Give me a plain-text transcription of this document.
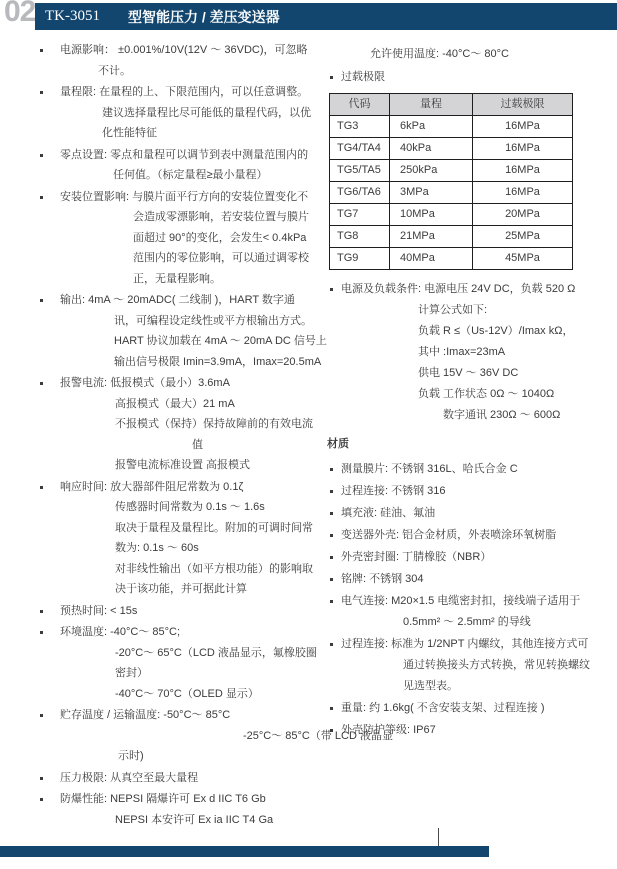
02 TK-3051 型智能压力 / 差压变送器
电源影响： ±0.001%/10V(12V ～ 36VDC)，可忽略
不计。
量程限: 在量程的上、下限范围内，可以任意调整。
建议选择量程比尽可能低的量程代码，以优
化性能特征
零点设置: 零点和量程可以调节到表中测量范围内的
任何值。（标定量程≥最小量程）
安装位置影响: 与膜片面平行方向的安装位置变化不
会造成零漂影响，若安装位置与膜片
面超过 90°的变化，会发生< 0.4kPa
范围内的零位影响，可以通过调零校
正，无量程影响。
输出: 4mA ～ 20mADC( 二线制 )，HART 数字通
讯，可编程设定线性或平方根输出方式。
HART 协议加载在 4mA ～ 20mA DC 信号上
输出信号极限 Imin=3.9mA，Imax=20.5mA
报警电流: 低报模式（最小）3.6mA
高报模式（最大）21 mA
不报模式（保持）保持故障前的有效电流
值
报警电流标准设置 高报模式
响应时间: 放大器部件阻尼常数为 0.1ζ
传感器时间常数为 0.1s ～ 1.6s
取决于量程及量程比。附加的可调时间常
数为: 0.1s ～ 60s
对非线性输出（如平方根功能）的影响取
决于该功能，并可据此计算
预热时间: < 15s
环境温度: -40°C～ 85°C;
-20°C～ 65°C（LCD 液晶显示，氟橡胶圈
密封）
-40°C～ 70°C（OLED 显示）
贮存温度 / 运输温度: -50°C～ 85°C
-25°C～ 85°C（带 LCD 液晶显
示时)
压力极限: 从真空至最大量程
防爆性能: NEPSI 隔爆许可 Ex d IIC T6 Gb
NEPSI 本安许可 Ex ia IIC T4 Ga
允许使用温度: -40°C～ 80°C
过载极限
代码	量程	过载极限
TG3	6kPa	16MPa
TG4/TA4	40kPa	16MPa
TG5/TA5	250kPa	16MPa
TG6/TA6	3MPa	16MPa
TG7	10MPa	20MPa
TG8	21MPa	25MPa
TG9	40MPa	45MPa
电源及负载条件: 电源电压 24V DC，负载 520 Ω
计算公式如下:
负载 R ≤（Us-12V）/Imax kΩ，
其中 :Imax=23mA
供电 15V ～ 36V DC
负载 工作状态 0Ω ～ 1040Ω
数字通讯 230Ω ～ 600Ω
材质
测量膜片: 不锈钢 316L、哈氏合金 C
过程连接: 不锈钢 316
填充液: 硅油、氟油
变送器外壳: 铝合金材质，外表喷涂环氧树脂
外壳密封圈: 丁腈橡胶（NBR）
铭牌: 不锈钢 304
电气连接: M20×1.5 电缆密封扣，接线端子适用于
0.5mm² ～ 2.5mm² 的导线
过程连接: 标准为 1/2NPT 内螺纹，其他连接方式可
通过转换接头方式转换，常见转换螺纹
见选型表。
重量: 约 1.6kg( 不含安装支架、过程连接 )
外壳防护等级: IP67
